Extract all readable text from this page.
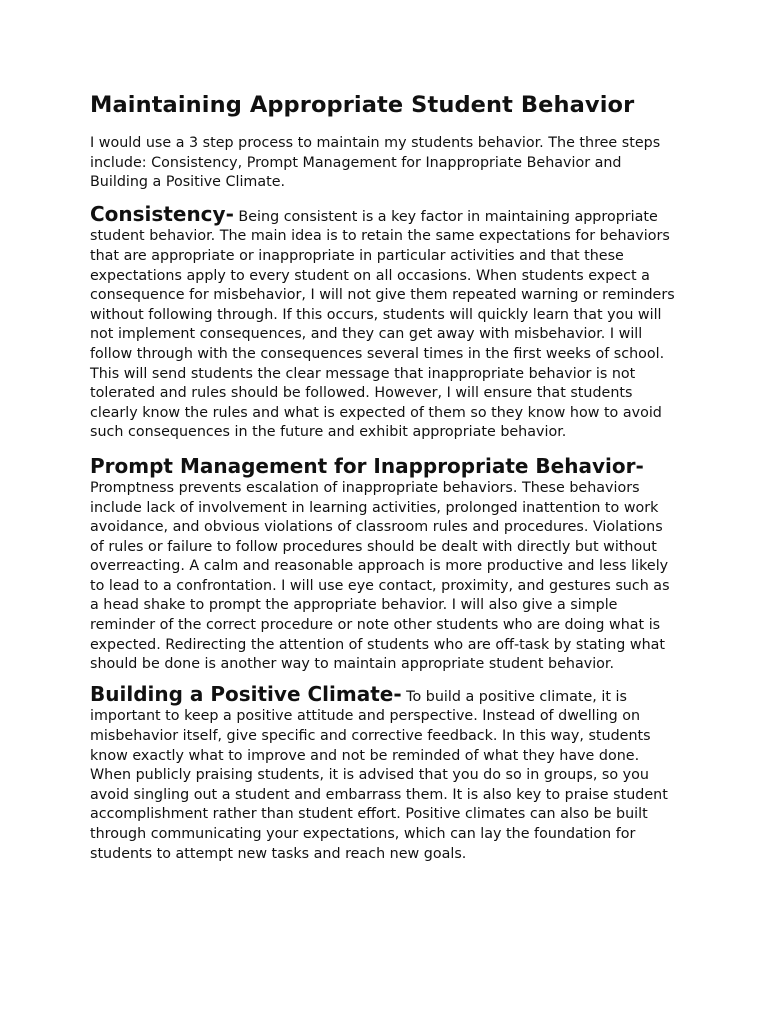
Maintaining Appropriate Student Behavior

I would use a 3 step process to maintain my students behavior. The three steps include: Consistency, Prompt Management for Inappropriate Behavior and Building a Positive Climate.

Consistency- Being consistent is a key factor in maintaining appropriate student behavior. The main idea is to retain the same expectations for behaviors that are appropriate or inappropriate in particular activities and that these expectations apply to every student on all occasions. When students expect a consequence for misbehavior, I will not give them repeated warning or reminders without following through. If this occurs, students will quickly learn that you will not implement consequences, and they can get away with misbehavior. I will follow through with the consequences several times in the first weeks of school. This will send students the clear message that inappropriate behavior is not tolerated and rules should be followed. However, I will ensure that students clearly know the rules and what is expected of them so they know how to avoid such consequences in the future and exhibit appropriate behavior.

Prompt Management for Inappropriate Behavior-
Promptness prevents escalation of inappropriate behaviors. These behaviors include lack of involvement in learning activities, prolonged inattention to work avoidance, and obvious violations of classroom rules and procedures. Violations of rules or failure to follow procedures should be dealt with directly but without overreacting. A calm and reasonable approach is more productive and less likely to lead to a confrontation. I will use eye contact, proximity, and gestures such as a head shake to prompt the appropriate behavior. I will also give a simple reminder of the correct procedure or note other students who are doing what is expected. Redirecting the attention of students who are off-task by stating what should be done is another way to maintain appropriate student behavior.

Building a Positive Climate- To build a positive climate, it is important to keep a positive attitude and perspective. Instead of dwelling on misbehavior itself, give specific and corrective feedback. In this way, students know exactly what to improve and not be reminded of what they have done. When publicly praising students, it is advised that you do so in groups, so you avoid singling out a student and embarrass them. It is also key to praise student accomplishment rather than student effort. Positive climates can also be built through communicating your expectations, which can lay the foundation for students to attempt new tasks and reach new goals.
